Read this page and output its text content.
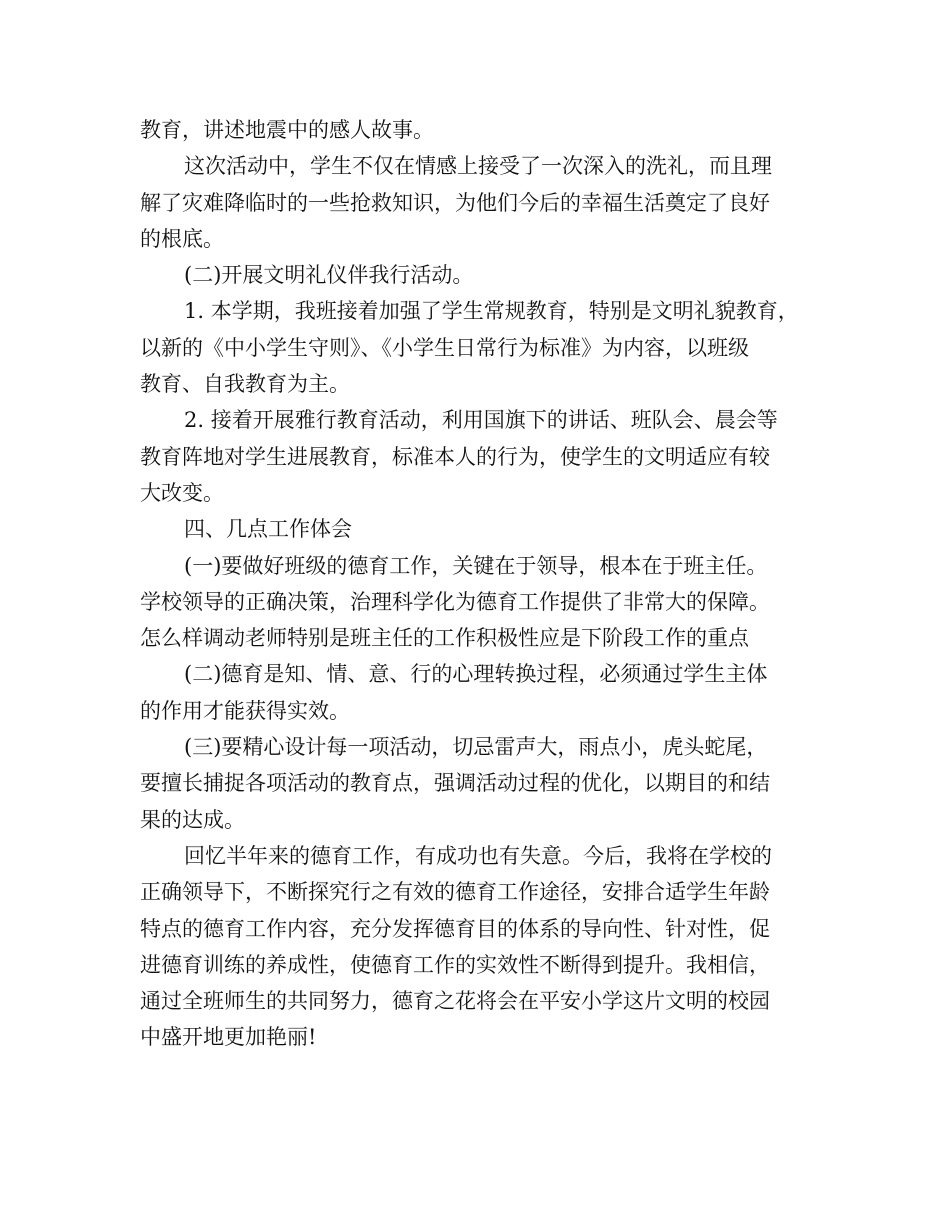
教育，讲述地震中的感人故事。
这次活动中，学生不仅在情感上接受了一次深入的洗礼，而且理
解了灾难降临时的一些抢救知识，为他们今后的幸福生活奠定了良好
的根底。
(二)开展文明礼仪伴我行活动。
1. 本学期，我班接着加强了学生常规教育，特别是文明礼貌教育，
以新的《中小学生守则》、《小学生日常行为标准》为内容，以班级
教育、自我教育为主。
2. 接着开展雅行教育活动，利用国旗下的讲话、班队会、晨会等
教育阵地对学生进展教育，标准本人的行为，使学生的文明适应有较
大改变。
四、几点工作体会
(一)要做好班级的德育工作，关键在于领导，根本在于班主任。
学校领导的正确决策，治理科学化为德育工作提供了非常大的保障。
怎么样调动老师特别是班主任的工作积极性应是下阶段工作的重点
(二)德育是知、情、意、行的心理转换过程，必须通过学生主体
的作用才能获得实效。
(三)要精心设计每一项活动，切忌雷声大，雨点小，虎头蛇尾，
要擅长捕捉各项活动的教育点，强调活动过程的优化，以期目的和结
果的达成。
回忆半年来的德育工作，有成功也有失意。今后，我将在学校的
正确领导下，不断探究行之有效的德育工作途径，安排合适学生年龄
特点的德育工作内容，充分发挥德育目的体系的导向性、针对性，促
进德育训练的养成性，使德育工作的实效性不断得到提升。我相信，
通过全班师生的共同努力，德育之花将会在平安小学这片文明的校园
中盛开地更加艳丽!
